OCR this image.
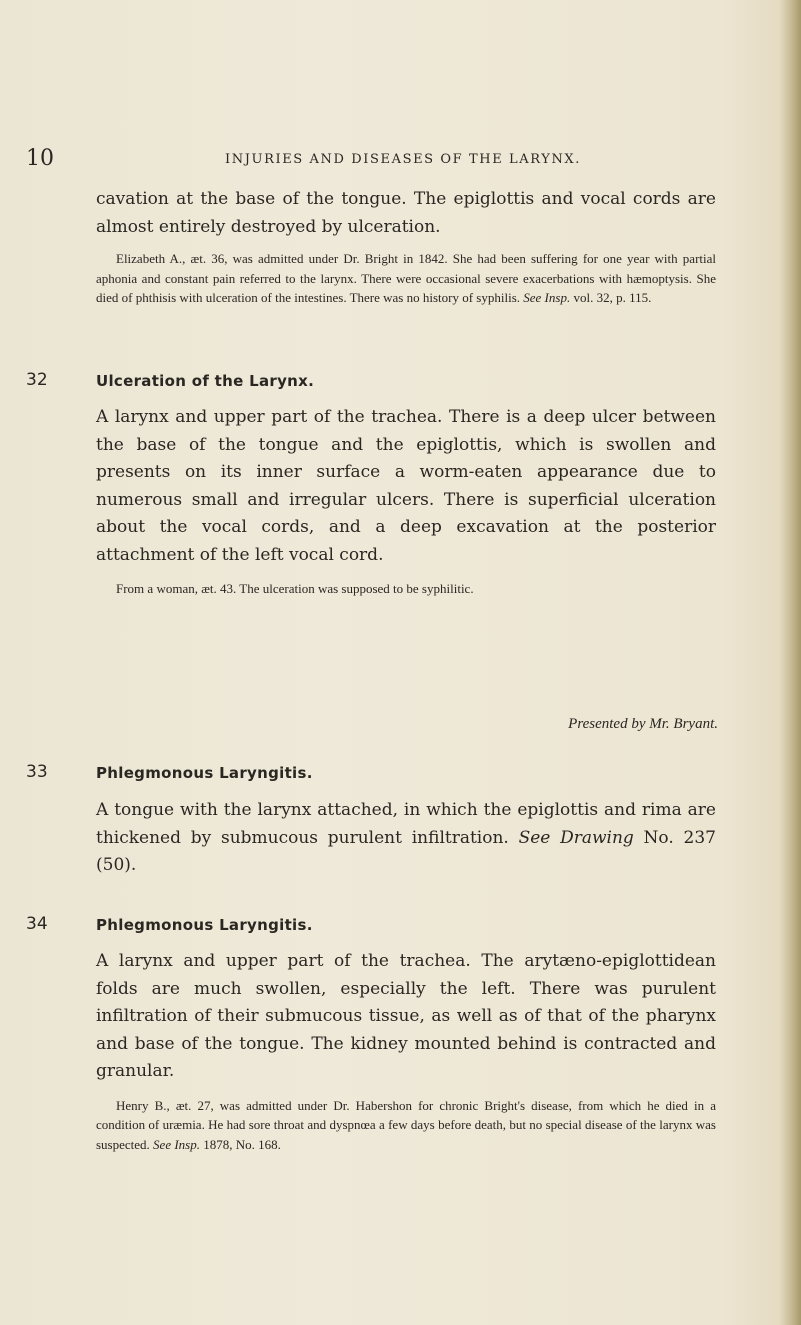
10	INJURIES AND DISEASES OF THE LARYNX.

cavation at the base of the tongue. The epiglottis and vocal cords are almost entirely destroyed by ulceration.

Elizabeth A., æt. 36, was admitted under Dr. Bright in 1842. She had been suffering for one year with partial aphonia and constant pain referred to the larynx. There were occasional severe exacerbations with hæmoptysis. She died of phthisis with ulceration of the intestines. There was no history of syphilis. See Insp. vol. 32, p. 115.

32	Ulceration of the Larynx.

A larynx and upper part of the trachea. There is a deep ulcer between the base of the tongue and the epiglottis, which is swollen and presents on its inner surface a worm-eaten appearance due to numerous small and irregular ulcers. There is superficial ulceration about the vocal cords, and a deep excavation at the posterior attachment of the left vocal cord.

From a woman, æt. 43. The ulceration was supposed to be syphilitic.

Presented by Mr. Bryant.
33	Phlegmonous Laryngitis.

A tongue with the larynx attached, in which the epiglottis and rima are thickened by submucous purulent infiltration. See Drawing No. 237 (50).

34	Phlegmonous Laryngitis.

A larynx and upper part of the trachea. The arytæno-epiglottidean folds are much swollen, especially the left. There was purulent infiltration of their submucous tissue, as well as of that of the pharynx and base of the tongue. The kidney mounted behind is contracted and granular.

Henry B., æt. 27, was admitted under Dr. Habershon for chronic Bright's disease, from which he died in a condition of uræmia. He had sore throat and dyspnœa a few days before death, but no special disease of the larynx was suspected. See Insp. 1878, No. 168.
